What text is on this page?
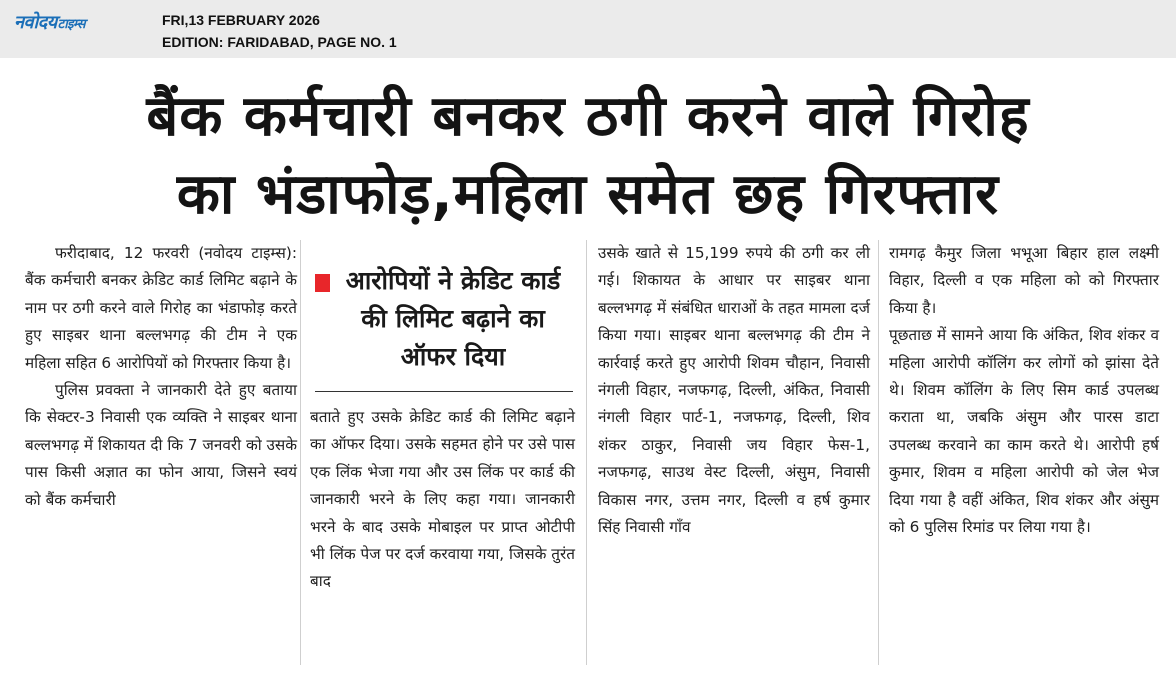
नवोदयटाइम्स	FRI,13 FEBRUARY 2026
EDITION: FARIDABAD, PAGE NO. 1
बैंक कर्मचारी बनकर ठगी करने वाले गिरोह
का भंडाफोड़,महिला समेत छह गिरफ्तार

फरीदाबाद, 12 फरवरी (नवोदय टाइम्स): बैंक कर्मचारी बनकर क्रेडिट कार्ड लिमिट बढ़ाने के नाम पर ठगी करने वाले गिरोह का भंडाफोड़ करते हुए साइबर थाना बल्लभगढ़ की टीम ने एक महिला सहित 6 आरोपियों को गिरफ्तार किया है।

पुलिस प्रवक्ता ने जानकारी देते हुए बताया कि सेक्टर-3 निवासी एक व्यक्ति ने साइबर थाना बल्लभगढ़ में शिकायत दी कि 7 जनवरी को उसके पास किसी अज्ञात का फोन आया, जिसने स्वयं को बैंक कर्मचारी

आरोपियों ने क्रेडिट कार्ड की लिमिट बढ़ाने का ऑफर दिया

बताते हुए उसके क्रेडिट कार्ड की लिमिट बढ़ाने का ऑफर दिया। उसके सहमत होने पर उसे पास एक लिंक भेजा गया और उस लिंक पर कार्ड की जानकारी भरने के लिए कहा गया। जानकारी भरने के बाद उसके मोबाइल पर प्राप्त ओटीपी भी लिंक पेज पर दर्ज करवाया गया, जिसके तुरंत बाद

उसके खाते से 15,199 रुपये की ठगी कर ली गई। शिकायत के आधार पर साइबर थाना बल्लभगढ़ में संबंधित धाराओं के तहत मामला दर्ज किया गया। साइबर थाना बल्लभगढ़ की टीम ने कार्रवाई करते हुए आरोपी शिवम चौहान, निवासी नंगली विहार, नजफगढ़, दिल्ली, अंकित, निवासी नंगली विहार पार्ट-1, नजफगढ़, दिल्ली, शिव शंकर ठाकुर, निवासी जय विहार फेस-1, नजफगढ़, साउथ वेस्ट दिल्ली, अंसुम, निवासी विकास नगर, उत्तम नगर, दिल्ली व हर्ष कुमार सिंह निवासी गाँव

रामगढ़ कैमुर जिला भभूआ बिहार हाल लक्ष्मी विहार, दिल्ली व एक महिला को को गिरफ्तार किया है।

पूछताछ में सामने आया कि अंकित, शिव शंकर व महिला आरोपी कॉलिंग कर लोगों को झांसा देते थे। शिवम कॉलिंग के लिए सिम कार्ड उपलब्ध कराता था, जबकि अंसुम और पारस डाटा उपलब्ध करवाने का काम करते थे। आरोपी हर्ष कुमार, शिवम व महिला आरोपी को जेल भेज दिया गया है वहीं अंकित, शिव शंकर और अंसुम को 6 पुलिस रिमांड पर लिया गया है।
